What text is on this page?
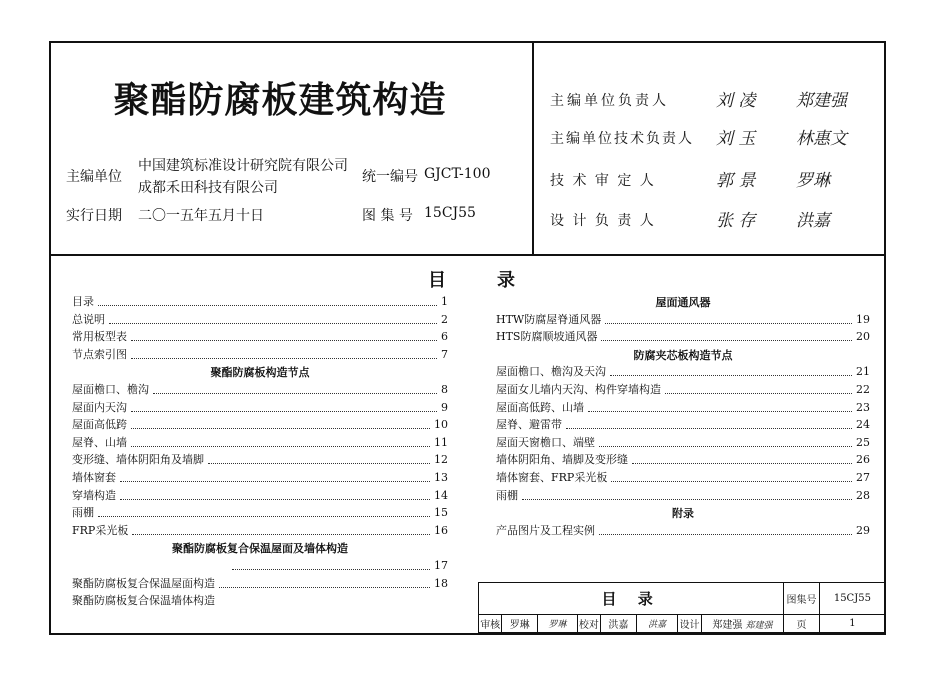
聚酯防腐板建筑构造
主编单位
中国建筑标准设计研究院有限公司
成都禾田科技有限公司
实行日期 二〇一五年五月十日
统一编号 GJCT-100
图 集 号 15CJ55
主编单位负责人	刘 凌 郑建强
主编单位技术负责人 刘 玉 林惠文
技 术 审 定 人	郭 景 罗琳
设 计 负 责 人	张 存 洪嘉
目	录
目录	1
总说明	2
常用板型表	6
节点索引图	7
聚酯防腐板构造节点
屋面檐口、檐沟	8
屋面内天沟	9
屋面高低跨	10
屋脊、山墙	11
变形缝、墙体阴阳角及墙脚	12
墙体窗套	13
穿墙构造	14
雨棚	15
FRP采光板	16
聚酯防腐板复合保温屋面及墙体构造
17
聚酯防腐板复合保温屋面构造	18
聚酯防腐板复合保温墙体构造
屋面通风器
HTW防腐屋脊通风器	19
HTS防腐顺坡通风器	20
防腐夹芯板构造节点
屋面檐口、檐沟及天沟	21
屋面女儿墙内天沟、构件穿墙构造	22
屋面高低跨、山墙	23
屋脊、避雷带	24
屋面天窗檐口、端壁	25
墙体阴阳角、墙脚及变形缝	26
墙体窗套、FRP采光板	27
雨棚	28
附录
产品图片及工程实例	29
目 录								图集号	15CJ55
审核	罗琳	罗琳	校对	洪嘉	洪嘉	设计	郑建强 郑建强	页	1
